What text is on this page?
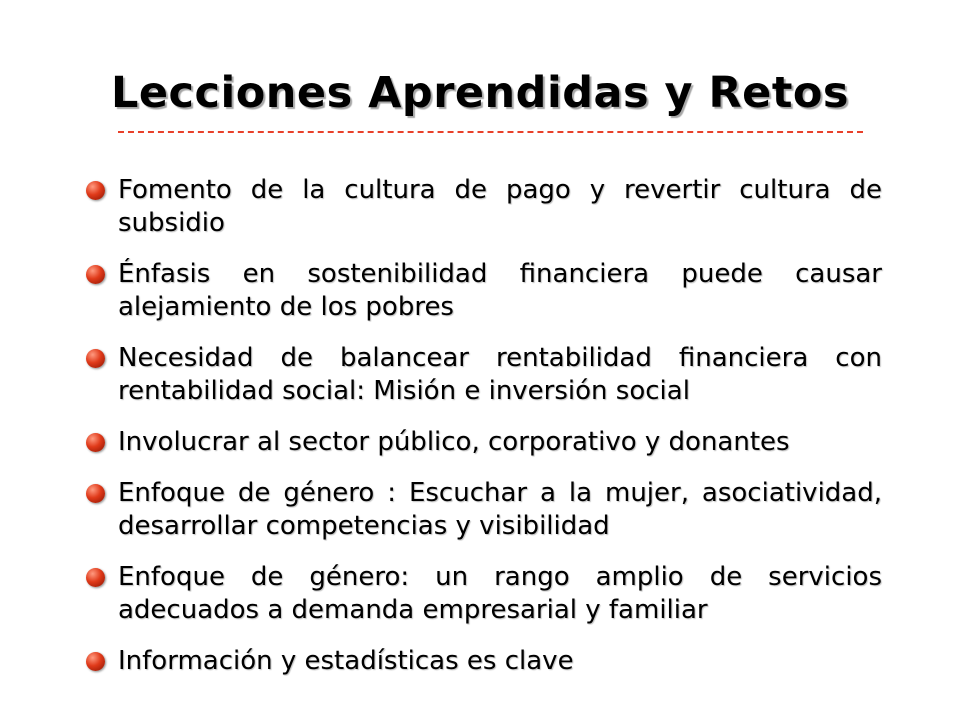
Lecciones Aprendidas y Retos
Fomento de la cultura de pago y revertir cultura de subsidio
Énfasis en sostenibilidad financiera puede causar alejamiento de los pobres
Necesidad de balancear rentabilidad financiera con rentabilidad social: Misión e inversión social
Involucrar al sector público, corporativo y donantes
Enfoque de género : Escuchar a la mujer, asociatividad, desarrollar competencias y visibilidad
Enfoque de género: un rango amplio de servicios adecuados a demanda empresarial y familiar
Información y estadísticas es clave
